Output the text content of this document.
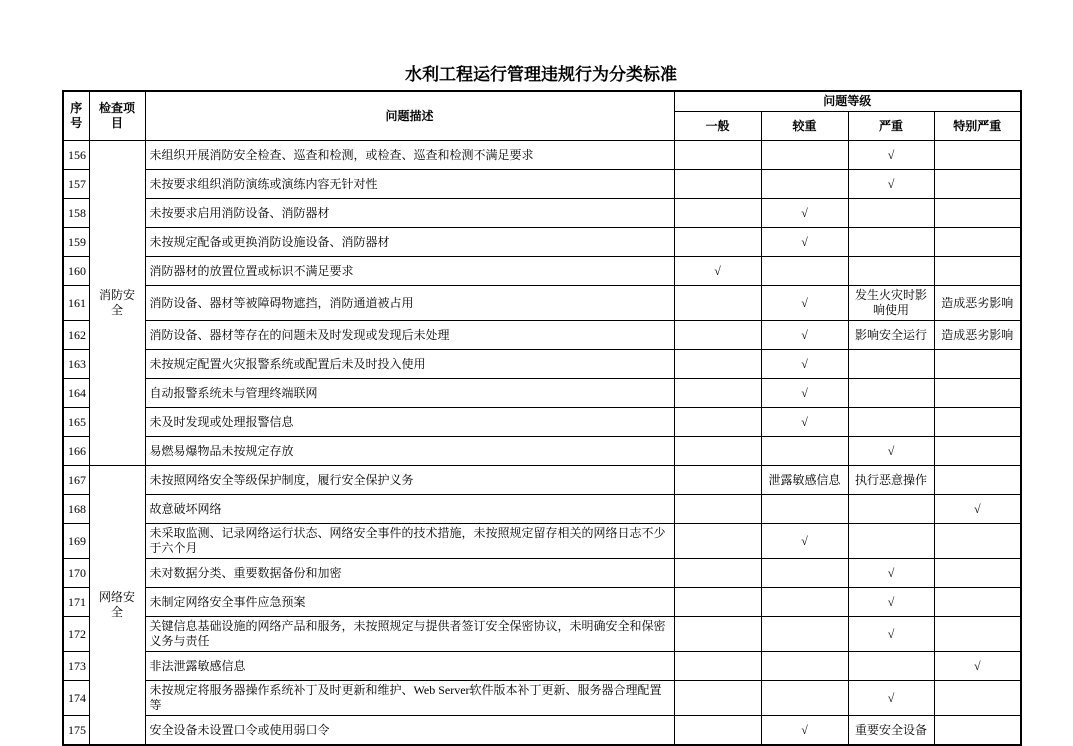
水利工程运行管理违规行为分类标准
序号	检查项目	问题描述	问题等级			
			一般	较重	严重	特别严重
156	消防安全	未组织开展消防安全检查、巡查和检测，或检查、巡查和检测不满足要求			√	
157		未按要求组织消防演练或演练内容无针对性			√	
158		未按要求启用消防设备、消防器材		√		
159		未按规定配备或更换消防设施设备、消防器材		√		
160		消防器材的放置位置或标识不满足要求	√			
161		消防设备、器材等被障碍物遮挡，消防通道被占用		√	发生火灾时影响使用	造成恶劣影响
162		消防设备、器材等存在的问题未及时发现或发现后未处理		√	影响安全运行	造成恶劣影响
163		未按规定配置火灾报警系统或配置后未及时投入使用		√		
164		自动报警系统未与管理终端联网		√		
165		未及时发现或处理报警信息		√		
166		易燃易爆物品未按规定存放			√	
167	网络安全	未按照网络安全等级保护制度，履行安全保护义务		泄露敏感信息	执行恶意操作	
168		故意破坏网络				√
169		未采取监测、记录网络运行状态、网络安全事件的技术措施，未按照规定留存相关的网络日志不少于六个月		√		
170		未对数据分类、重要数据备份和加密			√	
171		未制定网络安全事件应急预案			√	
172		关键信息基础设施的网络产品和服务，未按照规定与提供者签订安全保密协议，未明确安全和保密义务与责任			√	
173		非法泄露敏感信息				√
174		未按规定将服务器操作系统补丁及时更新和维护、Web Server软件版本补丁更新、服务器合理配置等			√	
175		安全设备未设置口令或使用弱口令		√	重要安全设备	
